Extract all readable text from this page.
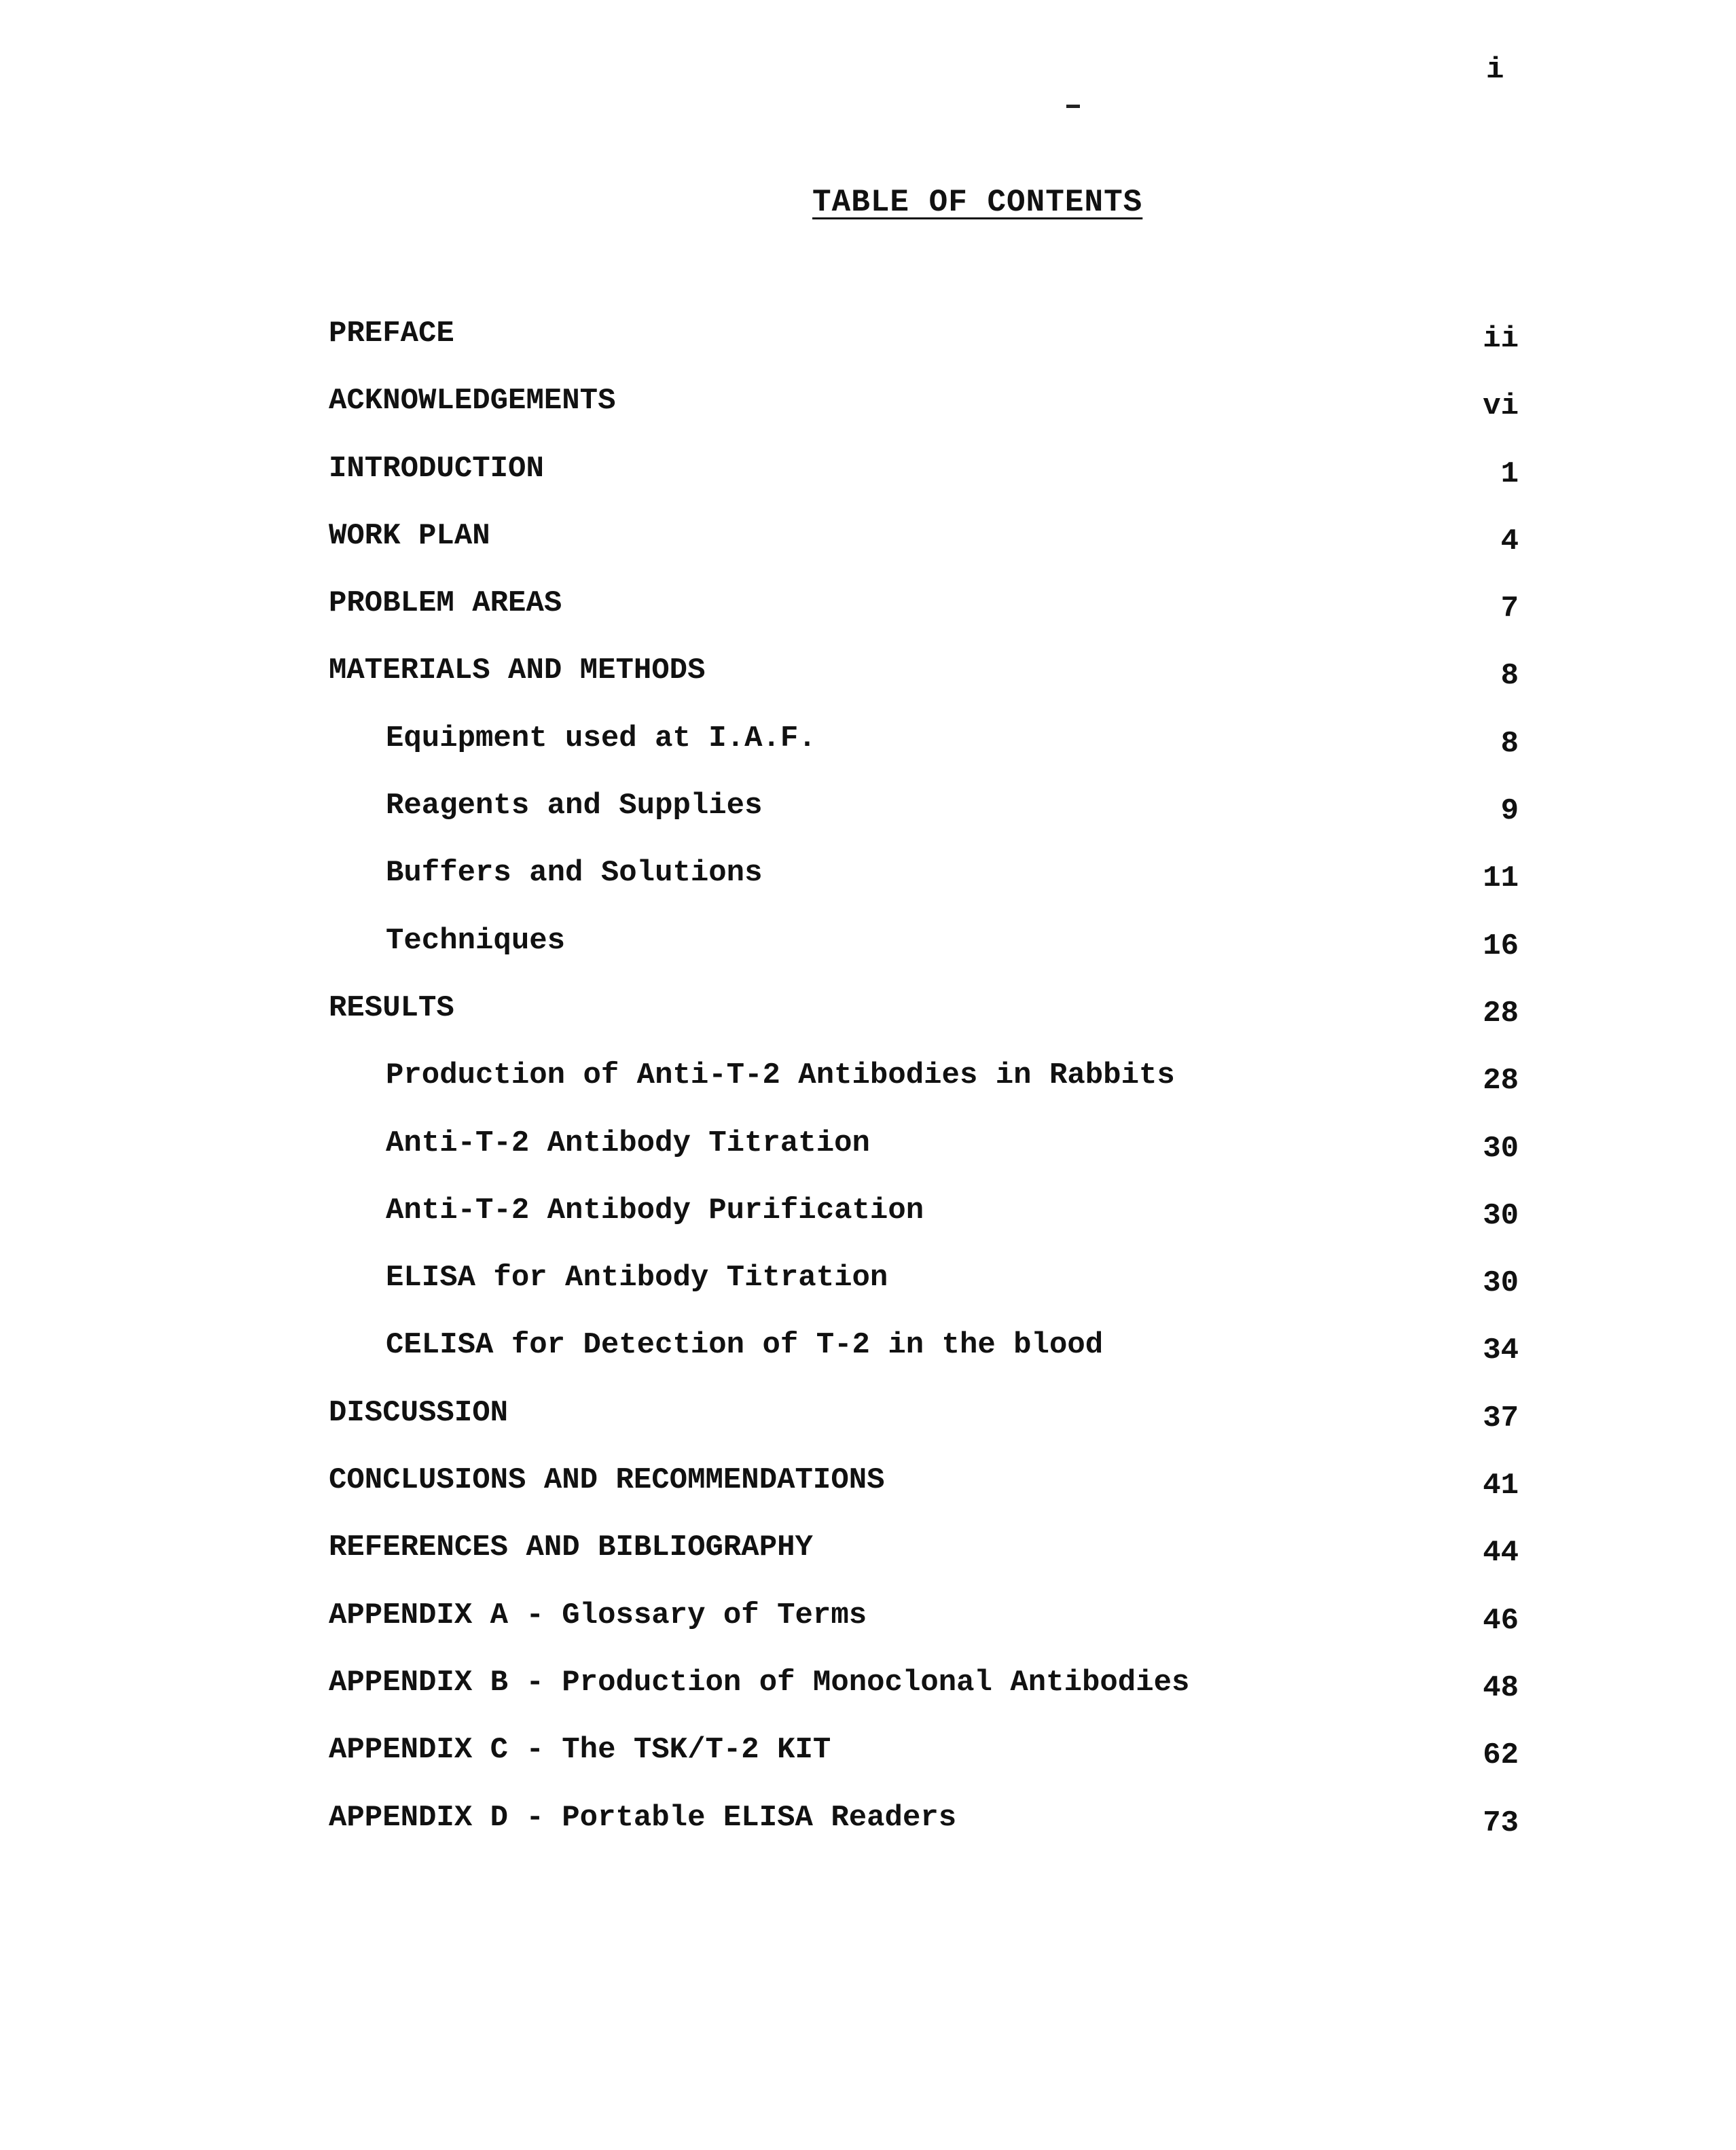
i
TABLE OF CONTENTS
PREFACE	ii
ACKNOWLEDGEMENTS	vi
INTRODUCTION	1
WORK PLAN	4
PROBLEM AREAS	7
MATERIALS AND METHODS	8
Equipment used at I.A.F.	8
Reagents and Supplies	9
Buffers and Solutions	11
Techniques	16
RESULTS	28
Production of Anti-T-2 Antibodies in Rabbits	28
Anti-T-2 Antibody Titration	30
Anti-T-2 Antibody Purification	30
ELISA for Antibody Titration	30
CELISA for Detection of T-2 in the blood	34
DISCUSSION	37
CONCLUSIONS AND RECOMMENDATIONS	41
REFERENCES AND BIBLIOGRAPHY	44
APPENDIX A - Glossary of Terms	46
APPENDIX B - Production of Monoclonal Antibodies	48
APPENDIX C - The TSK/T-2 KIT	62
APPENDIX D - Portable ELISA Readers	73
